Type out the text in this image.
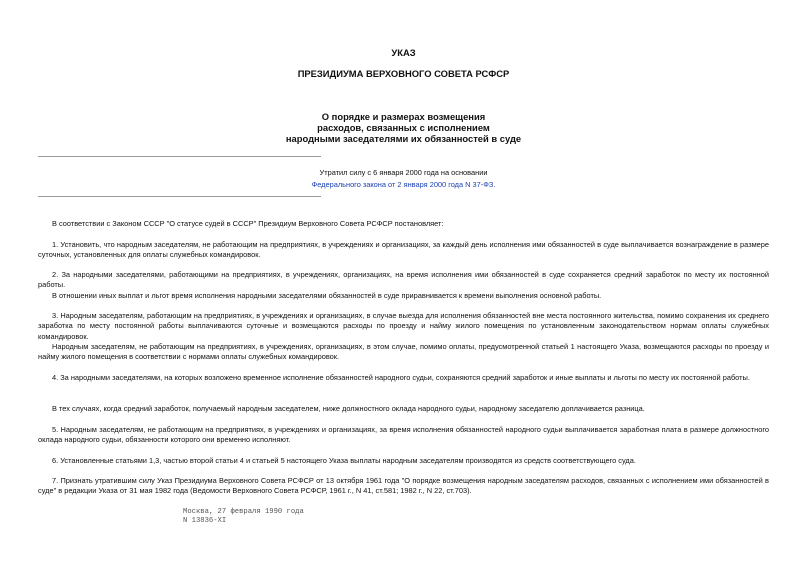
УКАЗ
ПРЕЗИДИУМА ВЕРХОВНОГО СОВЕТА РСФСР
О порядке и размерах возмещения
расходов, связанных с исполнением
народными заседателями их обязанностей в суде
Утратил силу с 6 января 2000 года на основании
Федерального закона от 2 января 2000 года N 37-ФЗ.
В соответствии с Законом СССР "О статусе судей в СССР" Президиум Верховного Совета РСФСР постановляет:
1. Установить, что народным заседателям, не работающим на предприятиях, в учреждениях и организациях, за каждый день исполнения ими обязанностей в суде выплачивается вознаграждение в размере суточных, установленных для оплаты служебных командировок.
2. За народными заседателями, работающими на предприятиях, в учреждениях, организациях, на время исполнения ими обязанностей в суде сохраняется средний заработок по месту их постоянной работы.
В отношении иных выплат и льгот время исполнения народными заседателями обязанностей в суде приравнивается к времени выполнения основной работы.
3. Народным заседателям, работающим на предприятиях, в учреждениях и организациях, в случае выезда для исполнения обязанностей вне места постоянного жительства, помимо сохранения их среднего заработка по месту постоянной работы выплачиваются суточные и возмещаются расходы по проезду и найму жилого помещения по установленным законодательством нормам оплаты служебных командировок.
Народным заседателям, не работающим на предприятиях, в учреждениях, организациях, в этом случае, помимо оплаты, предусмотренной статьей 1 настоящего Указа, возмещаются расходы по проезду и найму жилого помещения в соответствии с нормами оплаты служебных командировок.
4. За народными заседателями, на которых возложено временное исполнение обязанностей народного судьи, сохраняются средний заработок и иные выплаты и льготы по месту их постоянной работы.
В тех случаях, когда средний заработок, получаемый народным заседателем, ниже должностного оклада народного судьи, народному заседателю доплачивается разница.
5. Народным заседателям, не работающим на предприятиях, в учреждениях и организациях, за время исполнения обязанностей народного судьи выплачивается заработная плата в размере должностного оклада народного судьи, обязанности которого они временно исполняют.
6. Установленные статьями 1,3, частью второй статьи 4 и статьей 5 настоящего Указа выплаты народным заседателям производятся из средств соответствующего суда.
7. Признать утратившим силу Указ Президиума Верховного Совета РСФСР от 13 октября 1961 года "О порядке возмещения народным заседателям расходов, связанных с исполнением ими обязанностей в суде" в редакции Указа от 31 мая 1982 года (Ведомости Верховного Совета РСФСР, 1961 г., N 41, ст.581; 1982 г., N 22, ст.703).
Москва, 27 февраля 1990 года
N 13836-XI
